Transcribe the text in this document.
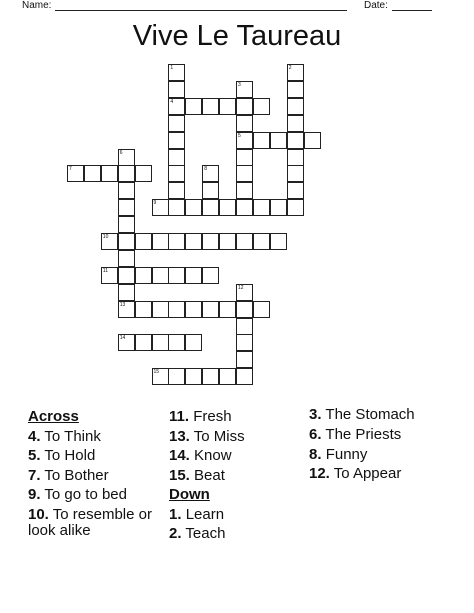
Name:	Date:
Vive Le Taureau
1
4
2
3
5
6
7	8
9
10
11
12
13
14
15
Across
4. To Think
5. To Hold
7. To Bother
9. To go to bed
10. To resemble or look alike
11. Fresh
13. To Miss
14. Know
15. Beat
Down
1. Learn
2. Teach
3. The Stomach
6. The Priests
8. Funny
12. To Appear
